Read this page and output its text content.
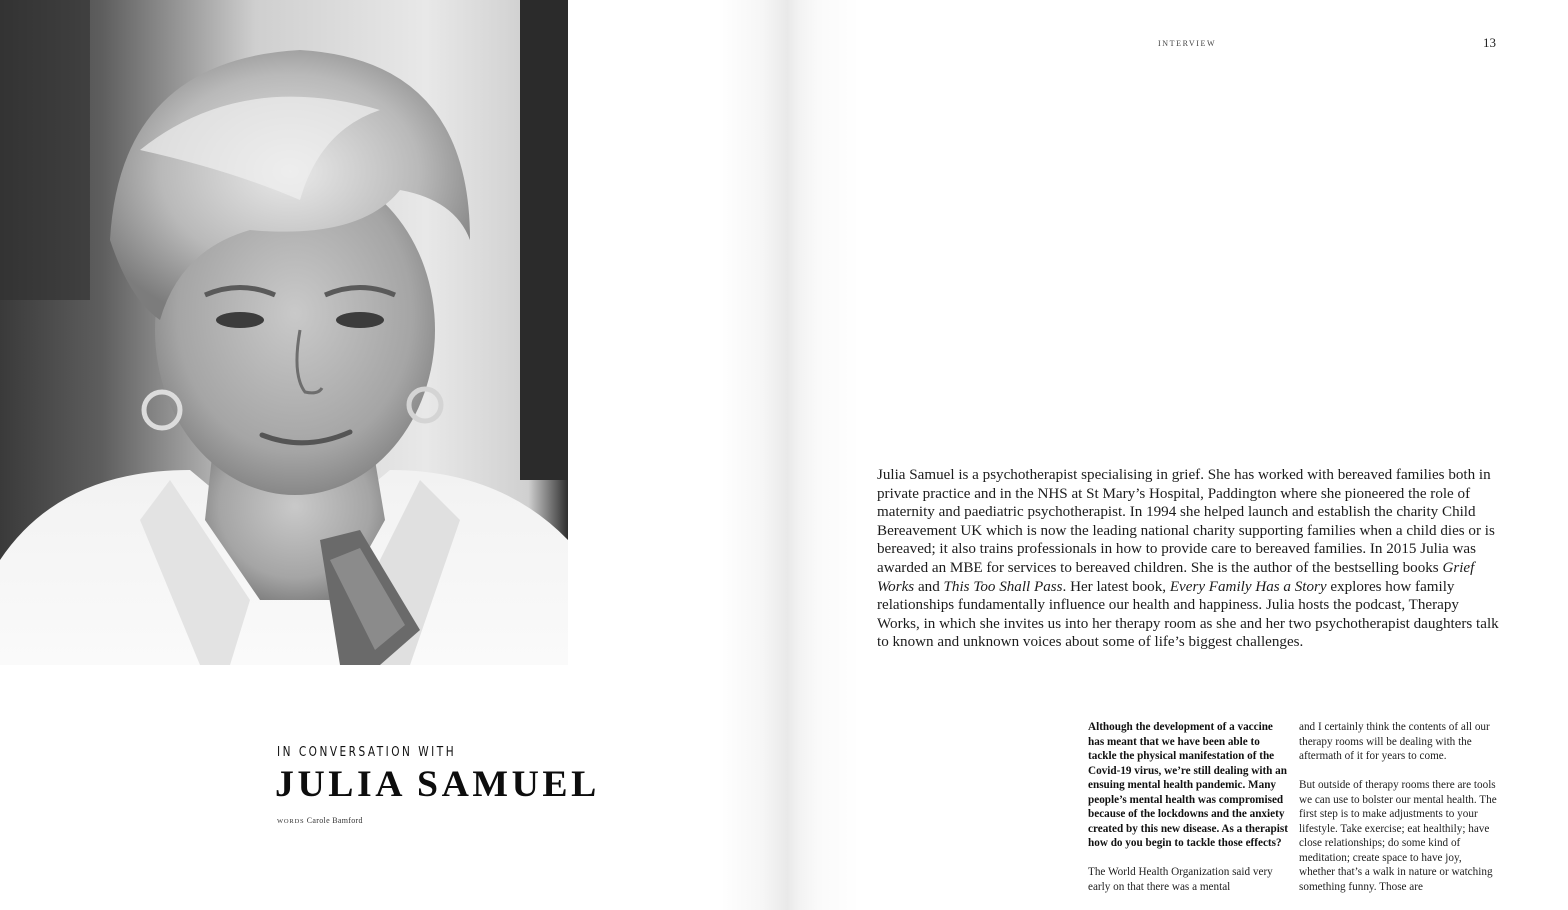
IN CONVERSATION WITH
JULIA SAMUEL
WORDS Carole Bamford
INTERVIEW	13

Julia Samuel is a psychotherapist specialising in grief. She has worked with bereaved families both in private practice and in the NHS at St Mary’s Hospital, Paddington where she pioneered the role of maternity and paediatric psychotherapist. In 1994 she helped launch and establish the charity Child Bereavement UK which is now the leading national charity supporting families when a child dies or is bereaved; it also trains professionals in how to provide care to bereaved families. In 2015 Julia was awarded an MBE for services to bereaved children. She is the author of the bestselling books Grief Works and This Too Shall Pass. Her latest book, Every Family Has a Story explores how family relationships fundamentally influence our health and happiness. Julia hosts the podcast, Therapy Works, in which she invites us into her therapy room as she and her two psychotherapist daughters talk to known and unknown voices about some of life’s biggest challenges.

Although the development of a vaccine has meant that we have been able to tackle the physical manifestation of the Covid-19 virus, we’re still dealing with an ensuing mental health pandemic. Many people’s mental health was compromised because of the lockdowns and the anxiety created by this new disease. As a therapist how do you begin to tackle those effects?

The World Health Organization said very early on that there was a mental

and I certainly think the contents of all our therapy rooms will be dealing with the aftermath of it for years to come.

But outside of therapy rooms there are tools we can use to bolster our mental health. The first step is to make adjustments to your lifestyle. Take exercise; eat healthily; have close relationships; do some kind of meditation; create space to have joy, whether that’s a walk in nature or watching something funny. Those are
